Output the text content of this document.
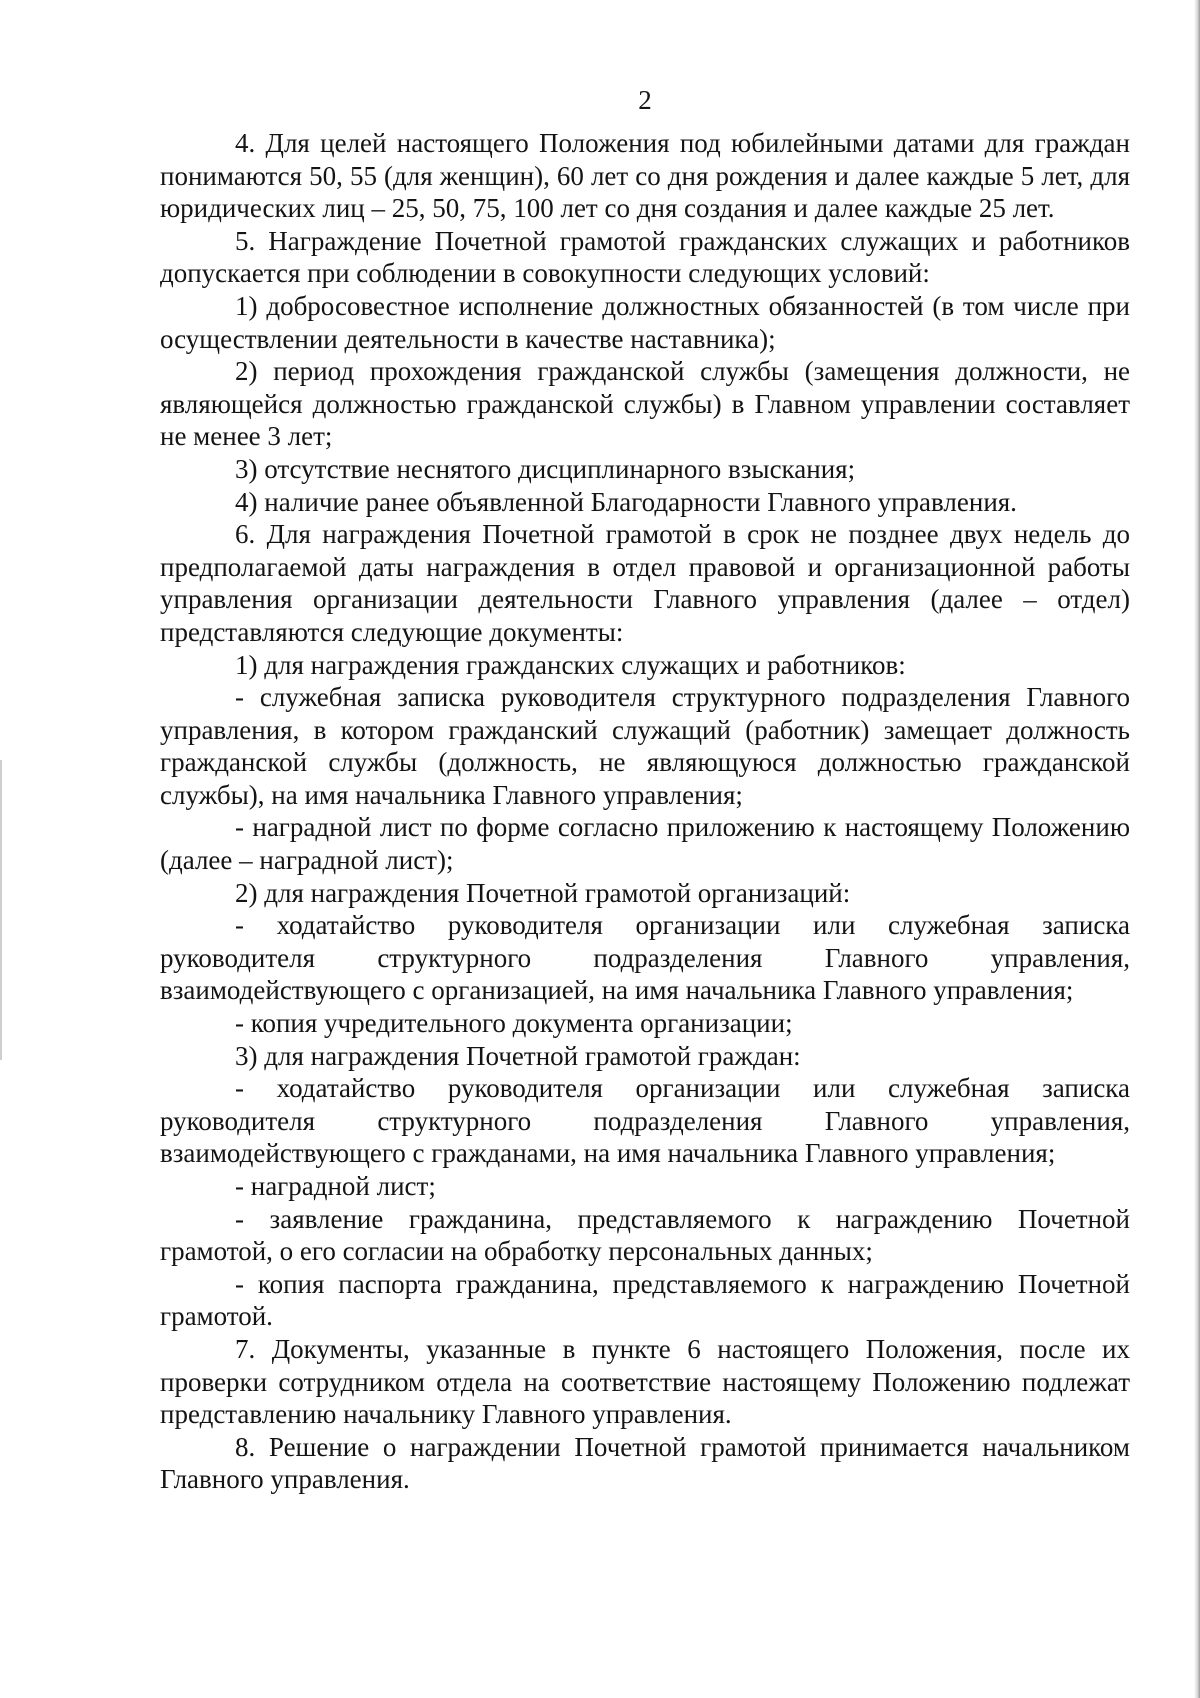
2

4. Для целей настоящего Положения под юбилейными датами для граждан понимаются 50, 55 (для женщин), 60 лет со дня рождения и далее каждые 5 лет, для юридических лиц – 25, 50, 75, 100 лет со дня создания и далее каждые 25 лет.

5. Награждение Почетной грамотой гражданских служащих и работников допускается при соблюдении в совокупности следующих условий:

1) добросовестное исполнение должностных обязанностей (в том числе при осуществлении деятельности в качестве наставника);

2) период прохождения гражданской службы (замещения должности, не являющейся должностью гражданской службы) в Главном управлении составляет не менее 3 лет;

3) отсутствие неснятого дисциплинарного взыскания;

4) наличие ранее объявленной Благодарности Главного управления.

6. Для награждения Почетной грамотой в срок не позднее двух недель до предполагаемой даты награждения в отдел правовой и организационной работы управления организации деятельности Главного управления (далее – отдел) представляются следующие документы:

1) для награждения гражданских служащих и работников:

- служебная записка руководителя структурного подразделения Главного управления, в котором гражданский служащий (работник) замещает должность гражданской службы (должность, не являющуюся должностью гражданской службы), на имя начальника Главного управления;

- наградной лист по форме согласно приложению к настоящему Положению (далее – наградной лист);

2) для награждения Почетной грамотой организаций:

- ходатайство руководителя организации или служебная записка руководителя структурного подразделения Главного управления, взаимодействующего с организацией, на имя начальника Главного управления;

- копия учредительного документа организации;

3) для награждения Почетной грамотой граждан:

- ходатайство руководителя организации или служебная записка руководителя структурного подразделения Главного управления, взаимодействующего с гражданами, на имя начальника Главного управления;

- наградной лист;

- заявление гражданина, представляемого к награждению Почетной грамотой, о его согласии на обработку персональных данных;

- копия паспорта гражданина, представляемого к награждению Почетной грамотой.

7. Документы, указанные в пункте 6 настоящего Положения, после их проверки сотрудником отдела на соответствие настоящему Положению подлежат представлению начальнику Главного управления.

8. Решение о награждении Почетной грамотой принимается начальником Главного управления.
